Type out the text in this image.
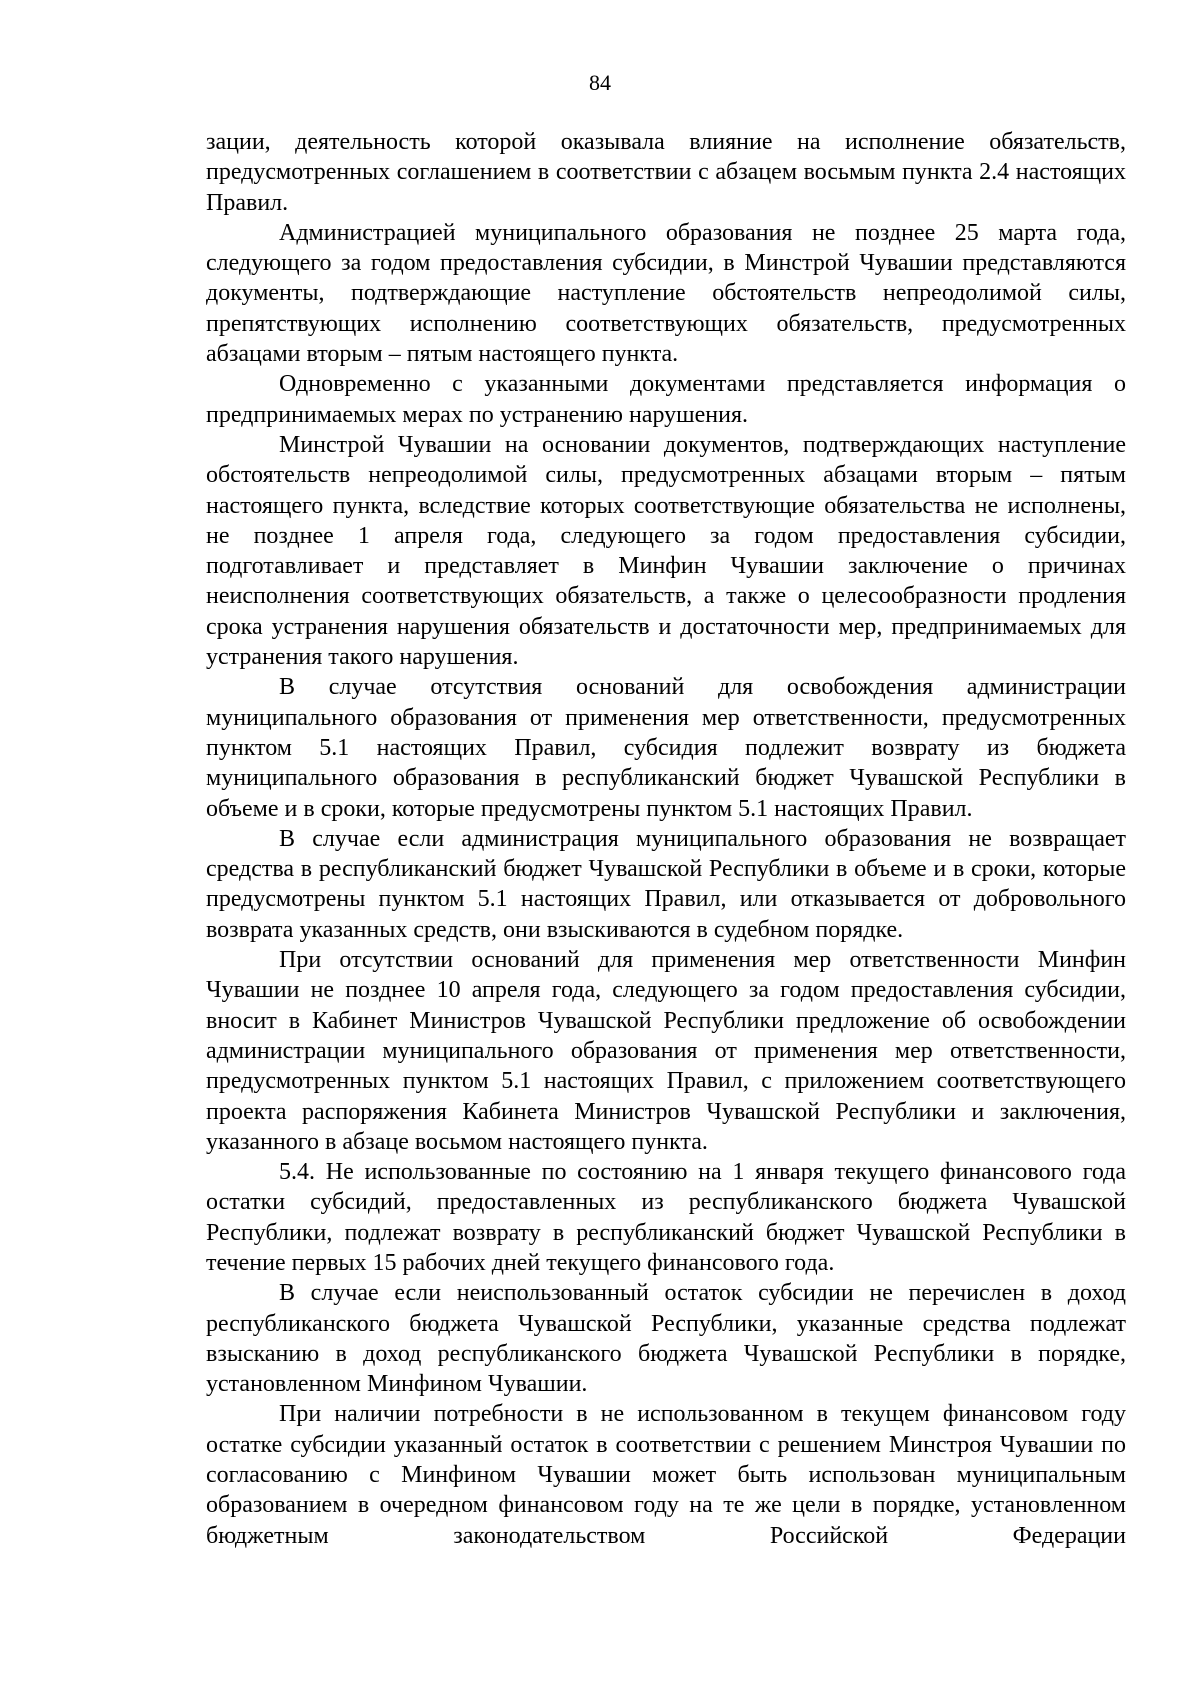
84

зации, деятельность которой оказывала влияние на исполнение обязательств, предусмотренных соглашением в соответствии с абзацем восьмым пункта 2.4 настоящих Правил.

Администрацией муниципального образования не позднее 25 марта года, следующего за годом предоставления субсидии, в Минстрой Чувашии представляются документы, подтверждающие наступление обстоятельств непреодолимой силы, препятствующих исполнению соответствующих обязательств, предусмотренных абзацами вторым – пятым настоящего пункта.

Одновременно с указанными документами представляется информация о предпринимаемых мерах по устранению нарушения.

Минстрой Чувашии на основании документов, подтверждающих наступление обстоятельств непреодолимой силы, предусмотренных абзацами вторым – пятым настоящего пункта, вследствие которых соответствующие обязательства не исполнены, не позднее 1 апреля года, следующего за годом предоставления субсидии, подготавливает и представляет в Минфин Чувашии заключение о причинах неисполнения соответствующих обязательств, а также о целесообразности продления срока устранения нарушения обязательств и достаточности мер, предпринимаемых для устранения такого нарушения.

В случае отсутствия оснований для освобождения администрации муниципального образования от применения мер ответственности, предусмотренных пунктом 5.1 настоящих Правил, субсидия подлежит возврату из бюджета муниципального образования в республиканский бюджет Чувашской Республики в объеме и в сроки, которые предусмотрены пунктом 5.1 настоящих Правил.

В случае если администрация муниципального образования не возвращает средства в республиканский бюджет Чувашской Республики в объеме и в сроки, которые предусмотрены пунктом 5.1 настоящих Правил, или отказывается от добровольного возврата указанных средств, они взыскиваются в судебном порядке.

При отсутствии оснований для применения мер ответственности Минфин Чувашии не позднее 10 апреля года, следующего за годом предоставления субсидии, вносит в Кабинет Министров Чувашской Республики предложение об освобождении администрации муниципального образования от применения мер ответственности, предусмотренных пунктом 5.1 настоящих Правил, с приложением соответствующего проекта распоряжения Кабинета Министров Чувашской Республики и заключения, указанного в абзаце восьмом настоящего пункта.

5.4. Не использованные по состоянию на 1 января текущего финансового года остатки субсидий, предоставленных из республиканского бюджета Чувашской Республики, подлежат возврату в республиканский бюджет Чувашской Республики в течение первых 15 рабочих дней текущего финансового года.

В случае если неиспользованный остаток субсидии не перечислен в доход республиканского бюджета Чувашской Республики, указанные средства подлежат взысканию в доход республиканского бюджета Чувашской Республики в порядке, установленном Минфином Чувашии.

При наличии потребности в не использованном в текущем финансовом году остатке субсидии указанный остаток в соответствии с решением Минстроя Чувашии по согласованию с Минфином Чувашии может быть использован муниципальным образованием в очередном финансовом году на те же цели в порядке, установленном бюджетным законодательством Российской Федерации
